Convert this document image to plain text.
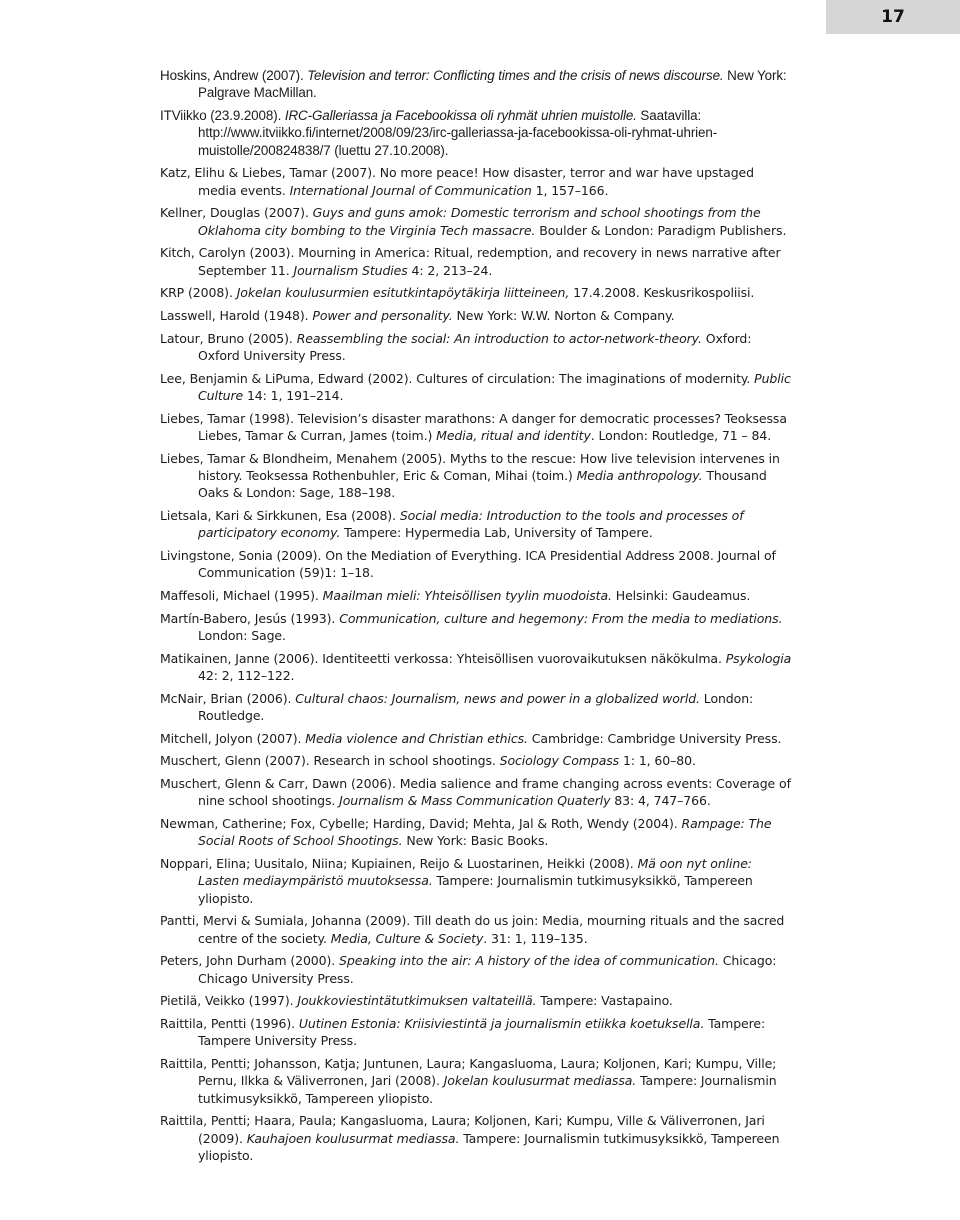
17
Hoskins, Andrew (2007). Television and terror: Conflicting times and the crisis of news discourse. New York: Palgrave MacMillan.
ITViikko (23.9.2008). IRC-Galleriassa ja Facebookissa oli ryhmät uhrien muistolle. Saatavilla: http://www.itviikko.fi/internet/2008/09/23/irc-galleriassa-ja-facebookissa-oli-ryhmat-uhrien-muistolle/200824838/7 (luettu 27.10.2008).
Katz, Elihu & Liebes, Tamar (2007). No more peace! How disaster, terror and war have upstaged media events. International Journal of Communication 1, 157–166.
Kellner, Douglas (2007). Guys and guns amok: Domestic terrorism and school shootings from the Oklahoma city bombing to the Virginia Tech massacre. Boulder & London: Paradigm Publishers.
Kitch, Carolyn (2003). Mourning in America: Ritual, redemption, and recovery in news narrative after September 11. Journalism Studies 4: 2, 213–24.
KRP (2008). Jokelan koulusurmien esitutkintapöytäkirja liitteineen, 17.4.2008. Keskusrikospoliisi.
Lasswell, Harold (1948). Power and personality. New York: W.W. Norton & Company.
Latour, Bruno (2005). Reassembling the social: An introduction to actor-network-theory. Oxford: Oxford University Press.
Lee, Benjamin & LiPuma, Edward (2002). Cultures of circulation: The imaginations of modernity. Public Culture 14: 1, 191–214.
Liebes, Tamar (1998). Television’s disaster marathons: A danger for democratic processes? Teoksessa Liebes, Tamar & Curran, James (toim.) Media, ritual and identity. London: Routledge, 71 – 84.
Liebes, Tamar & Blondheim, Menahem (2005). Myths to the rescue: How live television intervenes in history. Teoksessa Rothenbuhler, Eric & Coman, Mihai (toim.) Media anthropology. Thousand Oaks & London: Sage, 188–198.
Lietsala, Kari & Sirkkunen, Esa (2008). Social media: Introduction to the tools and processes of participatory economy. Tampere: Hypermedia Lab, University of Tampere.
Livingstone, Sonia (2009). On the Mediation of Everything. ICA Presidential Address 2008. Journal of Communication (59)1: 1–18.
Maffesoli, Michael (1995). Maailman mieli: Yhteisöllisen tyylin muodoista. Helsinki: Gaudeamus.
Martín-Babero, Jesús (1993). Communication, culture and hegemony: From the media to mediations. London: Sage.
Matikainen, Janne (2006). Identiteetti verkossa: Yhteisöllisen vuorovaikutuksen näkökulma. Psykologia 42: 2, 112–122.
McNair, Brian (2006). Cultural chaos: Journalism, news and power in a globalized world. London: Routledge.
Mitchell, Jolyon (2007). Media violence and Christian ethics. Cambridge: Cambridge University Press.
Muschert, Glenn (2007). Research in school shootings. Sociology Compass 1: 1, 60–80.
Muschert, Glenn & Carr, Dawn (2006). Media salience and frame changing across events: Coverage of nine school shootings. Journalism & Mass Communication Quaterly 83: 4, 747–766.
Newman, Catherine; Fox, Cybelle; Harding, David; Mehta, Jal & Roth, Wendy (2004). Rampage: The Social Roots of School Shootings. New York: Basic Books.
Noppari, Elina; Uusitalo, Niina; Kupiainen, Reijo & Luostarinen, Heikki (2008). Mä oon nyt online: Lasten mediaympäristö muutoksessa. Tampere: Journalismin tutkimusyksikkö, Tampereen yliopisto.
Pantti, Mervi & Sumiala, Johanna (2009). Till death do us join: Media, mourning rituals and the sacred centre of the society. Media, Culture & Society. 31: 1, 119–135.
Peters, John Durham (2000). Speaking into the air: A history of the idea of communication. Chicago: Chicago University Press.
Pietilä, Veikko (1997). Joukkoviestintätutkimuksen valtateillä. Tampere: Vastapaino.
Raittila, Pentti (1996). Uutinen Estonia: Kriisiviestintä ja journalismin etiikka koetuksella. Tampere: Tampere University Press.
Raittila, Pentti; Johansson, Katja; Juntunen, Laura; Kangasluoma, Laura; Koljonen, Kari; Kumpu, Ville; Pernu, Ilkka & Väliverronen, Jari (2008). Jokelan koulusurmat mediassa. Tampere: Journalismin tutkimusyksikkö, Tampereen yliopisto.
Raittila, Pentti; Haara, Paula; Kangasluoma, Laura; Koljonen, Kari; Kumpu, Ville & Väliverronen, Jari (2009). Kauhajoen koulusurmat mediassa. Tampere: Journalismin tutkimusyksikkö, Tampereen yliopisto.
